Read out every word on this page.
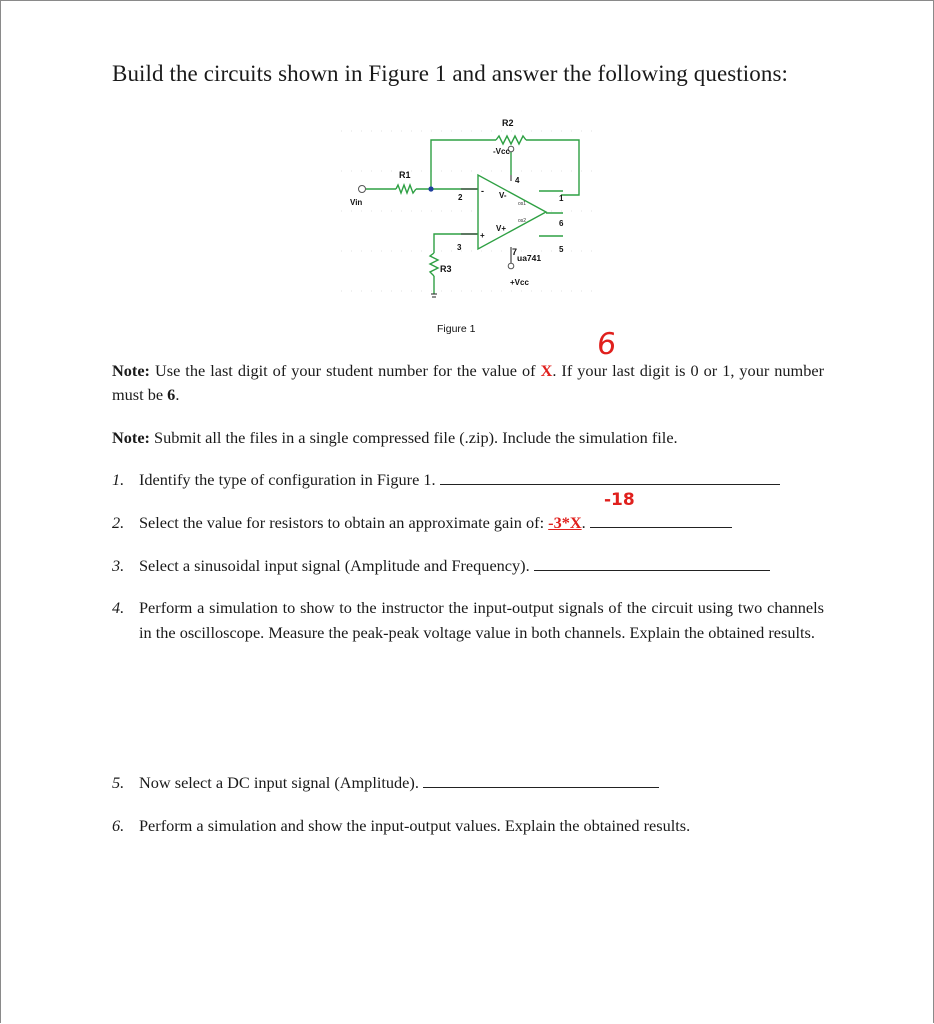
Build the circuits shown in Figure 1 and answer the following questions:
R2
R1
R3
Vin
-Vcc
+Vcc
V-
V+
ua741
7
4
2
3
1
6
5
-
+
os1
os2
Figure 1	6
Note: Use the last digit of your student number for the value of X. If your last digit is 0 or 1, your number must be 6.
Note: Submit all the files in a single compressed file (.zip). Include the simulation file.
1. Identify the type of configuration in Figure 1.
-18
2. Select the value for resistors to obtain an approximate gain of: -3*X.
3. Select a sinusoidal input signal (Amplitude and Frequency).
4. Perform a simulation to show to the instructor the input-output signals of the circuit using two channels in the oscilloscope. Measure the peak-peak voltage value in both channels. Explain the obtained results.
5. Now select a DC input signal (Amplitude).
6. Perform a simulation and show the input-output values. Explain the obtained results.
